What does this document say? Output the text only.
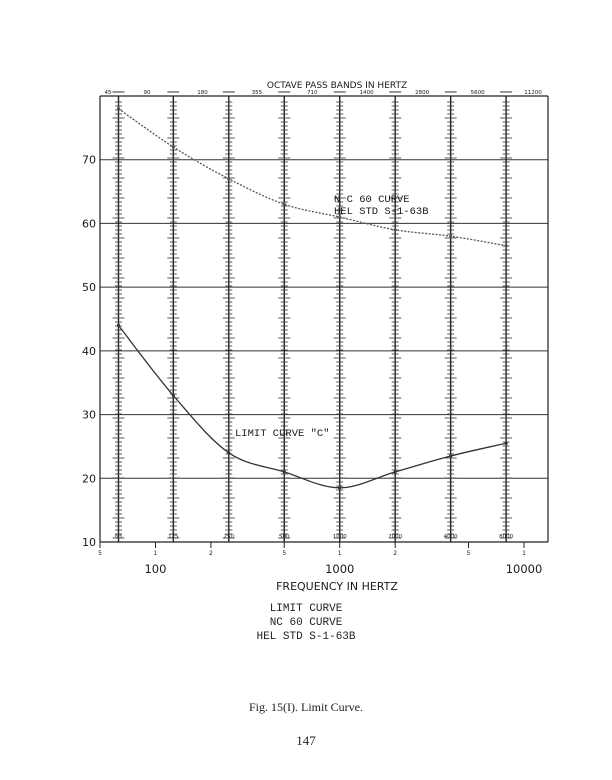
OCTAVE PASS BANDS IN HERTZ
45	90	180	355	710	1400	2800	5600	11200
10
20
30
40
50
60
70
63	125	250	500	1000	2000	4000	8000
5	1	2	5	1	2	5	1
100	1000	10000
N C 60 CURVE
HEL STD S-1-63B
LIMIT CURVE "C"
FREQUENCY IN HERTZ
LIMIT CURVE
NC 60 CURVE
HEL STD S-1-63B
Fig. 15(I). Limit Curve.
147
